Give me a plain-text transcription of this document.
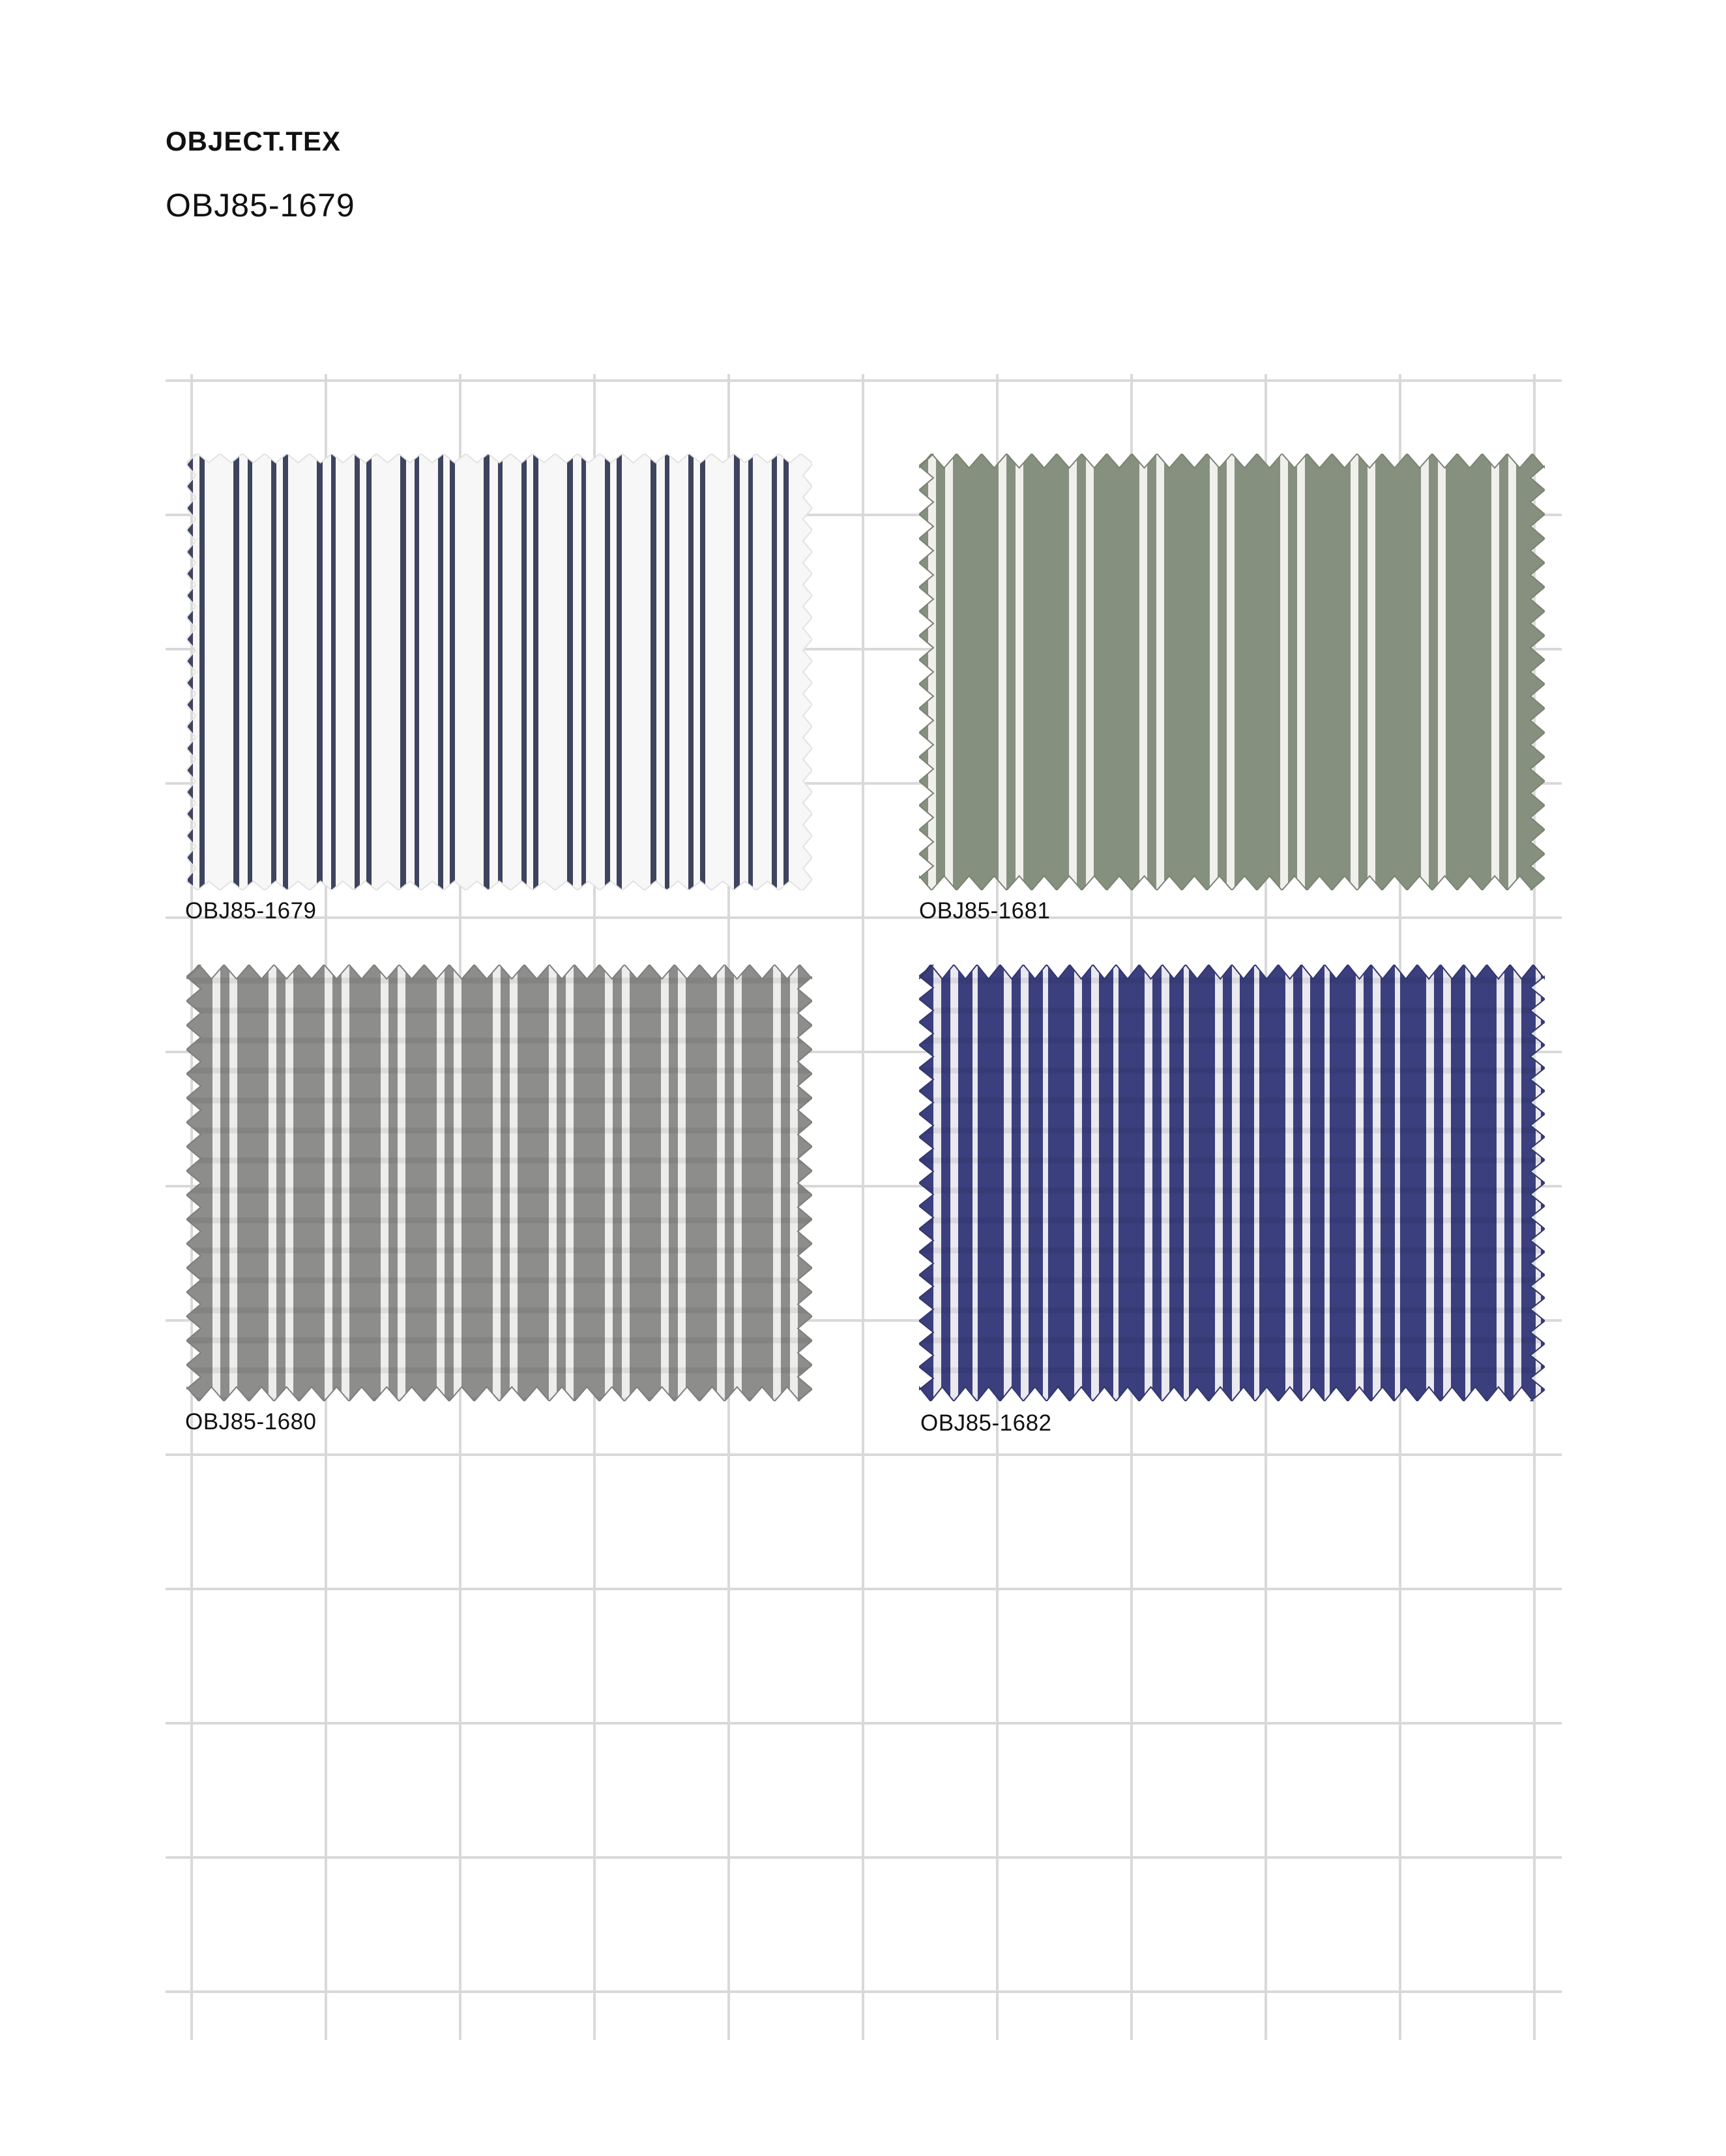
OBJECT.TEX
OBJ85-1679
OBJ85-1679	OBJ85-1681
OBJ85-1680	OBJ85-1682
